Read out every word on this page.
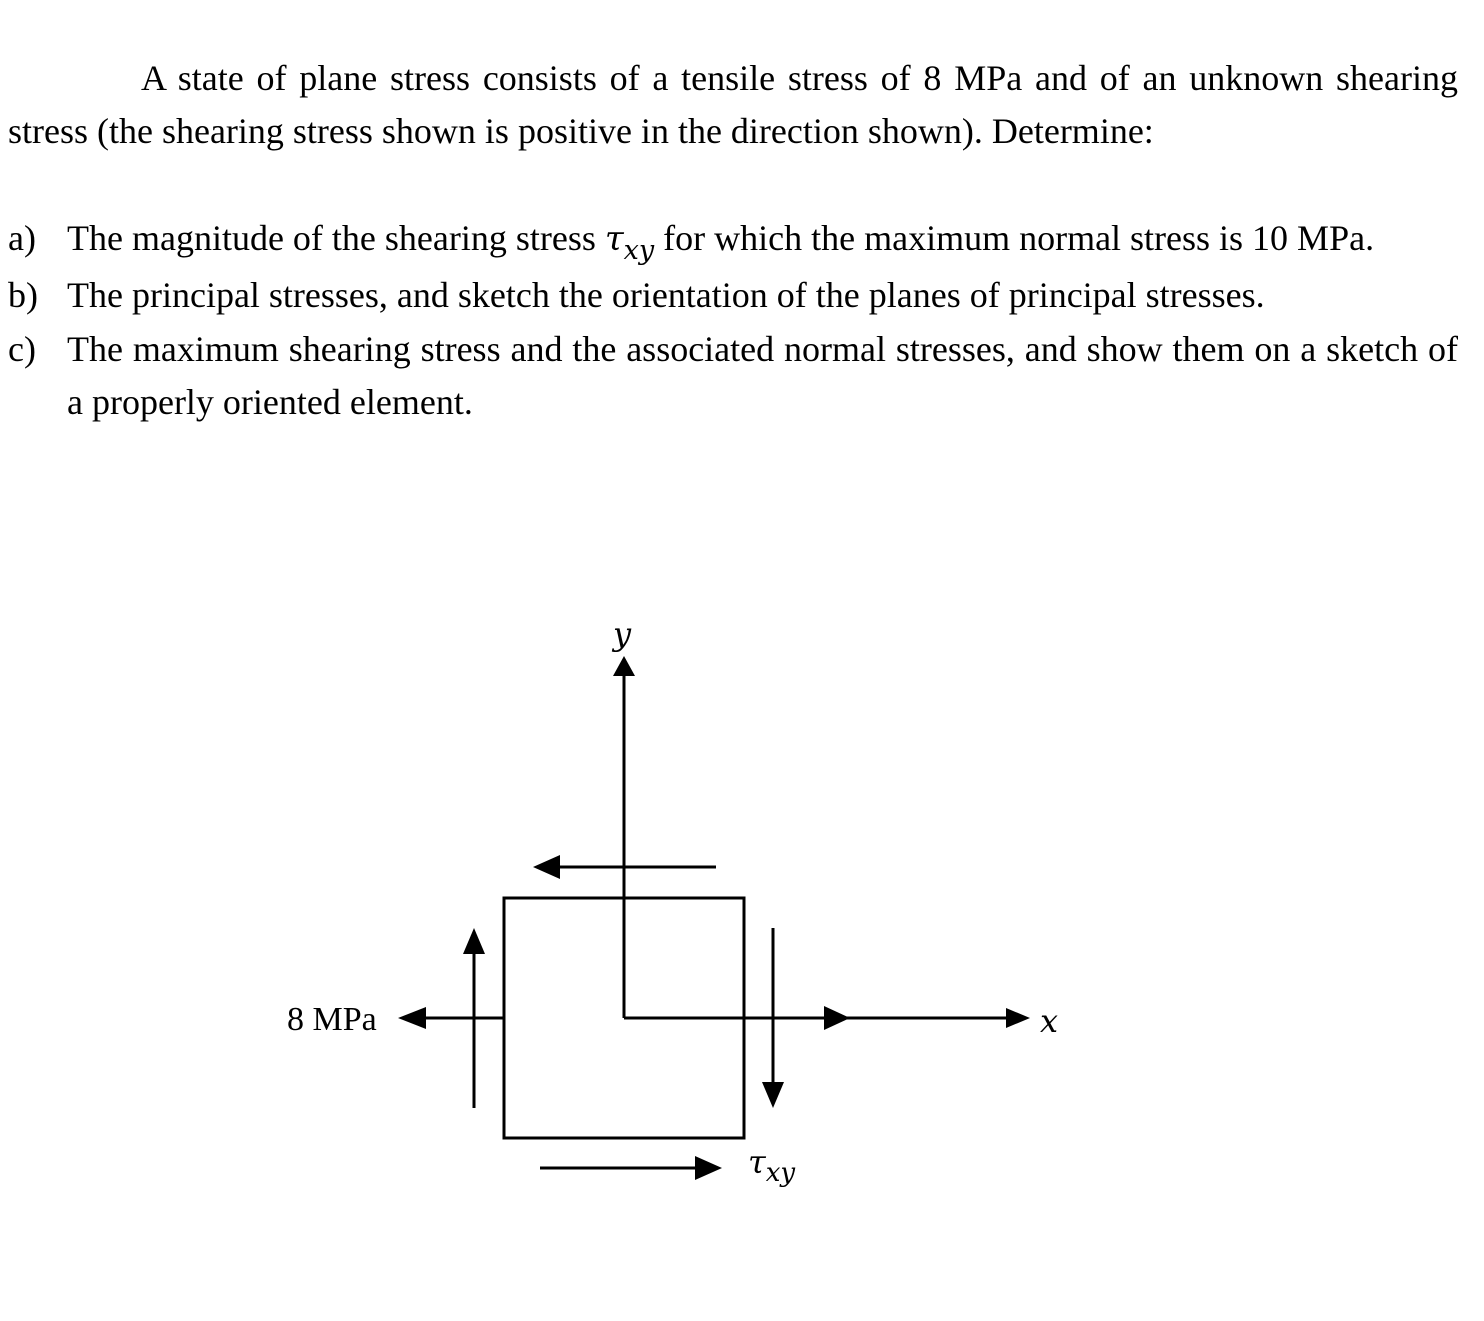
A state of plane stress consists of a tensile stress of 8 MPa and of an unknown shearing stress (the shearing stress shown is positive in the direction shown). Determine:

a) The magnitude of the shearing stress $\tau_{xy}$ for which the maximum normal stress is 10 MPa.
b) The principal stresses, and sketch the orientation of the planes of principal stresses.
c) The maximum shearing stress and the associated normal stresses, and show them on a sketch of a properly oriented element.
y
x
8 MPa
$\tau_{xy}$
